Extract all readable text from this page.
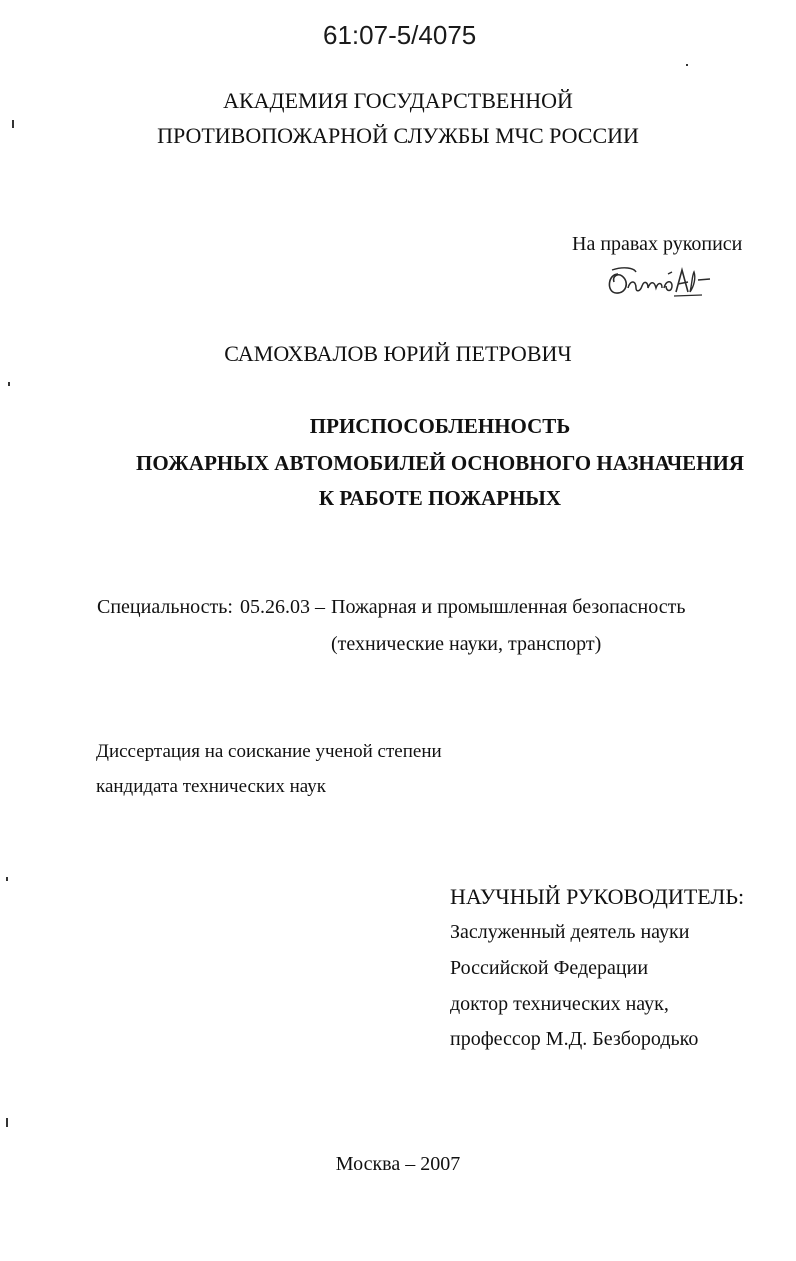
61:07-5/4075
АКАДЕМИЯ ГОСУДАРСТВЕННОЙ
ПРОТИВОПОЖАРНОЙ СЛУЖБЫ МЧС РОССИИ
На правах рукописи
САМОХВАЛОВ ЮРИЙ ПЕТРОВИЧ
ПРИСПОСОБЛЕННОСТЬ
ПОЖАРНЫХ АВТОМОБИЛЕЙ ОСНОВНОГО НАЗНАЧЕНИЯ
К РАБОТЕ ПОЖАРНЫХ
Специальность: 05.26.03 – Пожарная и промышленная безопасность
(технические науки, транспорт)
Диссертация на соискание ученой степени
кандидата технических наук
НАУЧНЫЙ РУКОВОДИТЕЛЬ:
Заслуженный деятель науки
Российской Федерации
доктор технических наук,
профессор М.Д. Безбородько
Москва – 2007
